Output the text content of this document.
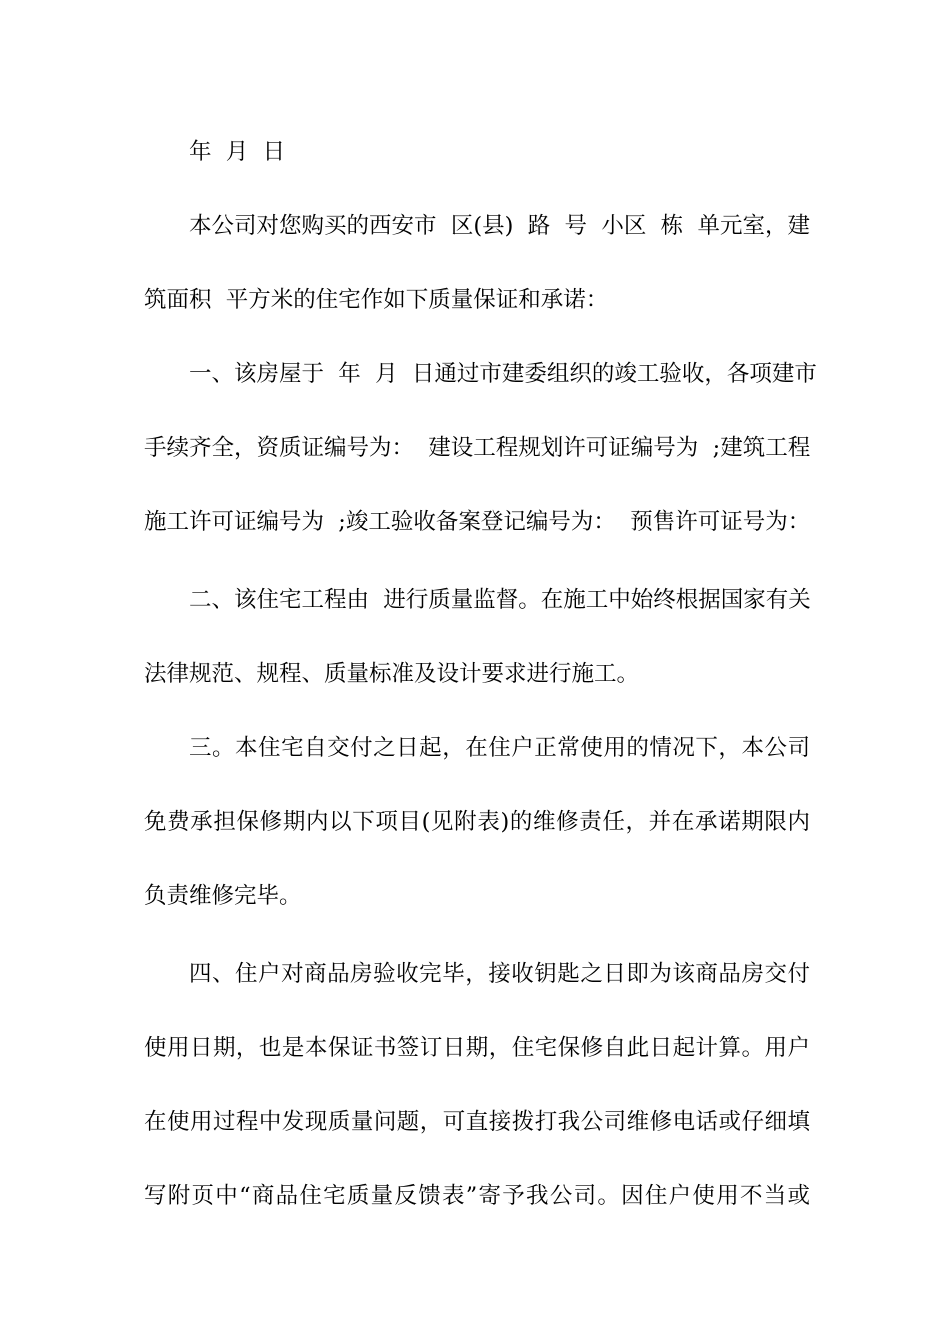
年  月  日
本公司对您购买的西安市  区(县)  路  号  小区  栋  单元室，建
筑面积  平方米的住宅作如下质量保证和承诺：
一、该房屋于  年  月  日通过市建委组织的竣工验收，各项建市
手续齐全，资质证编号为：  建设工程规划许可证编号为  ;建筑工程
施工许可证编号为  ;竣工验收备案登记编号为：  预售许可证号为：
二、该住宅工程由  进行质量监督。在施工中始终根据国家有关
法律规范、规程、质量标准及设计要求进行施工。
三。本住宅自交付之日起，在住户正常使用的情况下，本公司
免费承担保修期内以下项目(见附表)的维修责任，并在承诺期限内
负责维修完毕。
四、住户对商品房验收完毕，接收钥匙之日即为该商品房交付
使用日期，也是本保证书签订日期，住宅保修自此日起计算。用户
在使用过程中发现质量问题，可直接拨打我公司维修电话或仔细填
写附页中“商品住宅质量反馈表”寄予我公司。因住户使用不当或
